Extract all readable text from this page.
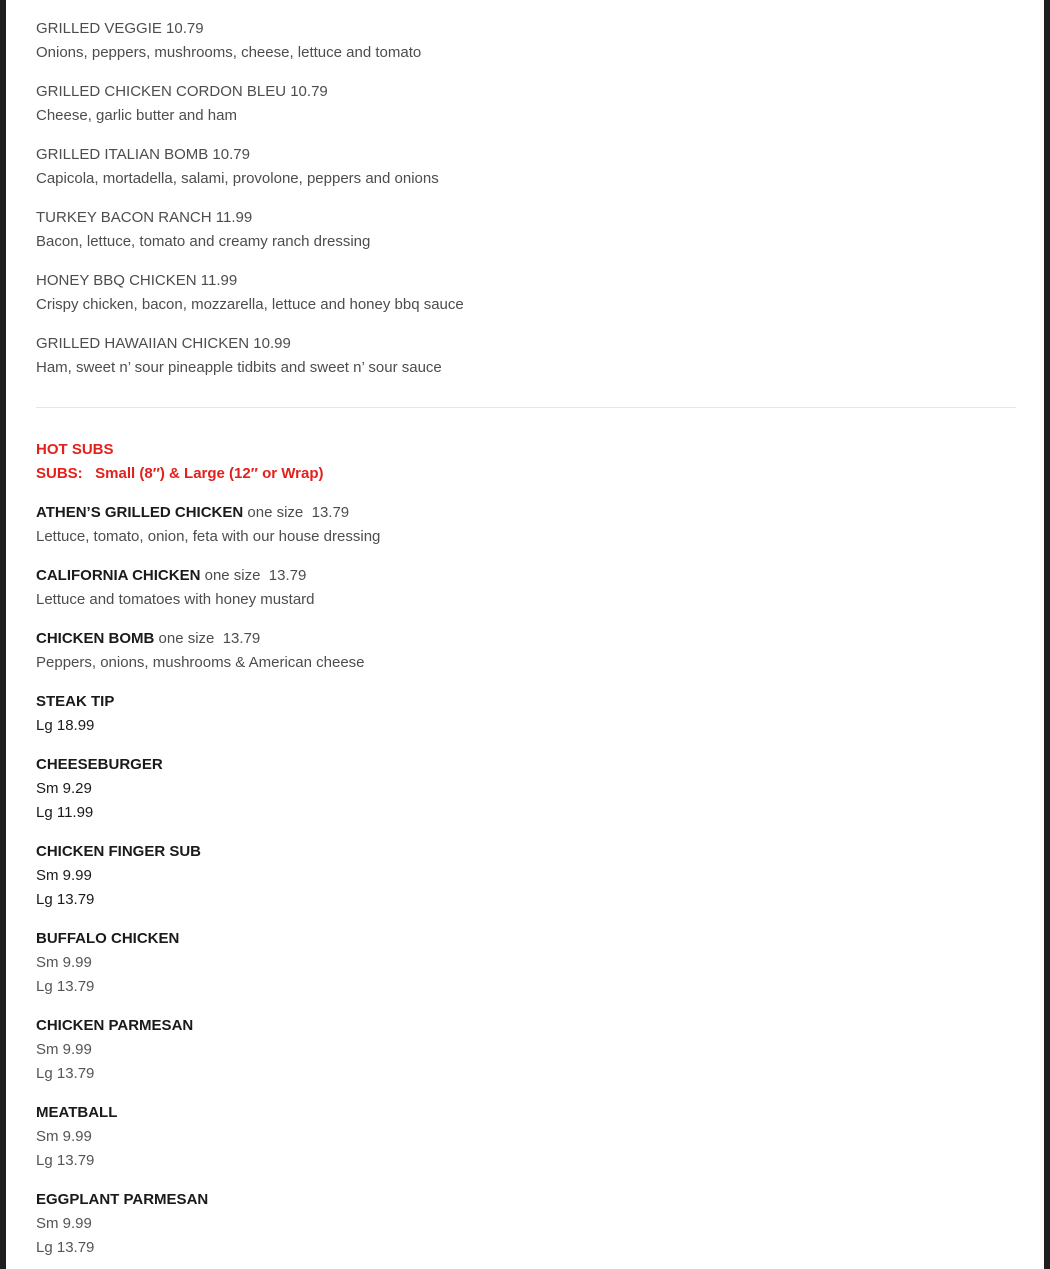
GRILLED VEGGIE 10.79
Onions, peppers, mushrooms, cheese, lettuce and tomato
GRILLED CHICKEN CORDON BLEU 10.79
Cheese, garlic butter and ham
GRILLED ITALIAN BOMB 10.79
Capicola, mortadella, salami, provolone, peppers and onions
TURKEY BACON RANCH 11.99
Bacon, lettuce, tomato and creamy ranch dressing
HONEY BBQ CHICKEN 11.99
Crispy chicken, bacon, mozzarella, lettuce and honey bbq sauce
GRILLED HAWAIIAN CHICKEN 10.99
Ham, sweet n’ sour pineapple tidbits and sweet n’ sour sauce
HOT SUBS
SUBS:   Small (8″) & Large (12″ or Wrap)
ATHEN’S GRILLED CHICKEN one size  13.79
Lettuce, tomato, onion, feta with our house dressing
CALIFORNIA CHICKEN one size  13.79
Lettuce and tomatoes with honey mustard
CHICKEN BOMB one size  13.79
Peppers, onions, mushrooms & American cheese
STEAK TIP
Lg 18.99
CHEESEBURGER
Sm 9.29
Lg 11.99
CHICKEN FINGER SUB
Sm 9.99
Lg 13.79
BUFFALO CHICKEN
Sm 9.99
Lg 13.79
CHICKEN PARMESAN
Sm 9.99
Lg 13.79
MEATBALL
Sm 9.99
Lg 13.79
EGGPLANT PARMESAN
Sm 9.99
Lg 13.79
